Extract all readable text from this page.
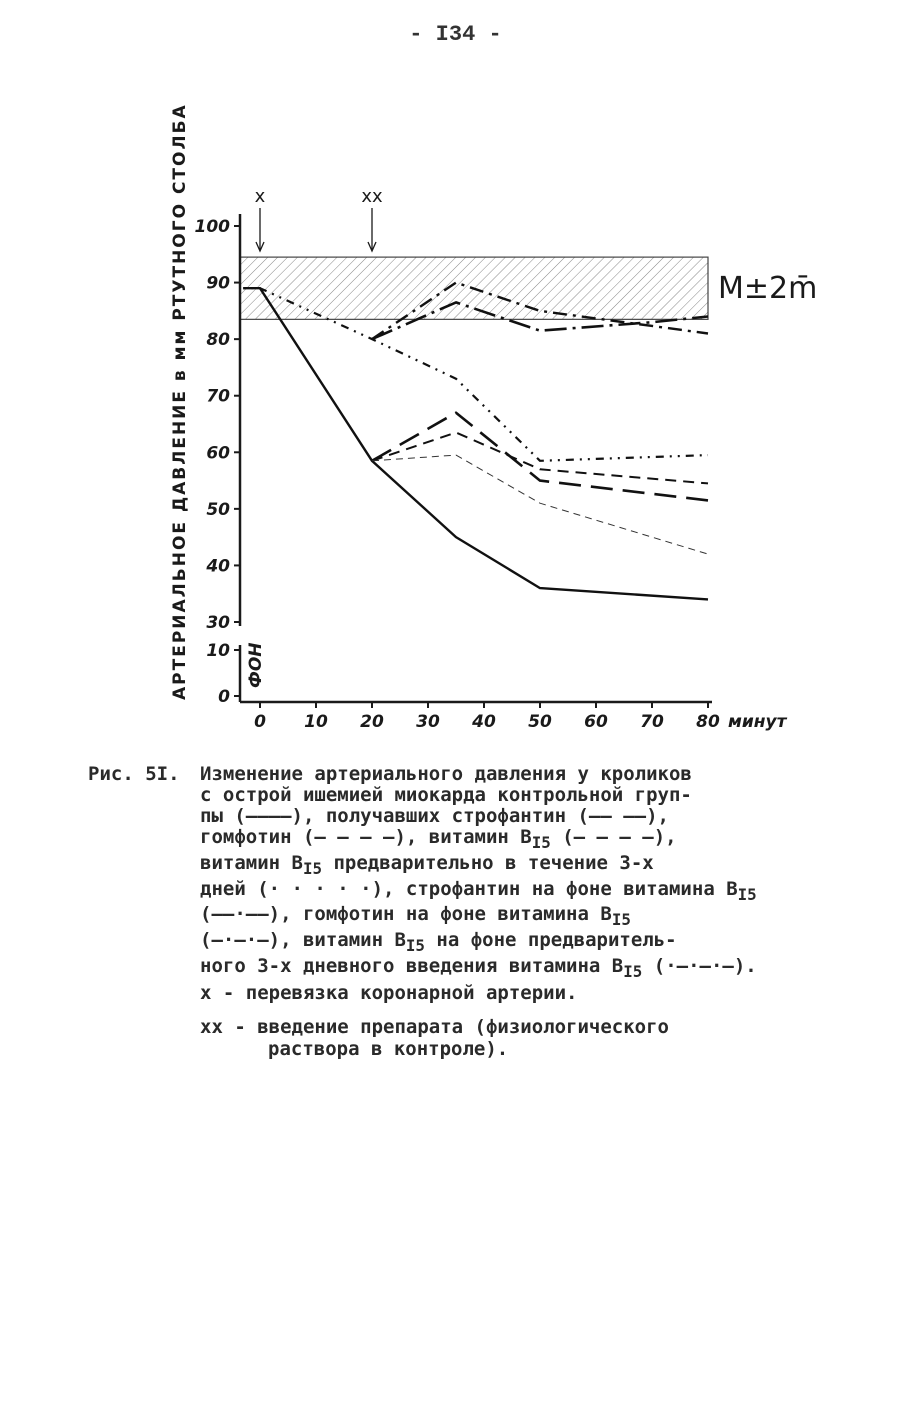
- I34 -
M±2m̄
100
90
80
70
60
50
40
30
10
0
0 10 20 30 40 50 60 70 80
x	xx
АРТЕРИАЛЬНОЕ ДАВЛЕНИЕ в мм РТУТНОГО СТОЛБА
минут
ФОН
Рис. 5I. Изменение артериального давления у кроликов
с острой ишемией миокарда контрольной груп-
пы (————), получавших строфантин (—— ——),
гомфотин (— — — —), витамин $B_{I5}$ (— — — —),
витамин $B_{I5}$ предварительно в течение 3-х
дней (· · · · ·), строфантин на фоне витамина $B_{I5}$
(——·——), гомфотин на фоне витамина $B_{I5}$
(—·—·—), витамин $B_{I5}$ на фоне предваритель-
ного 3-х дневного введения витамина $B_{I5}$ (·—·—·—).
x - перевязка коронарной артерии.
xx - введение препарата (физиологического
раствора в контроле).
